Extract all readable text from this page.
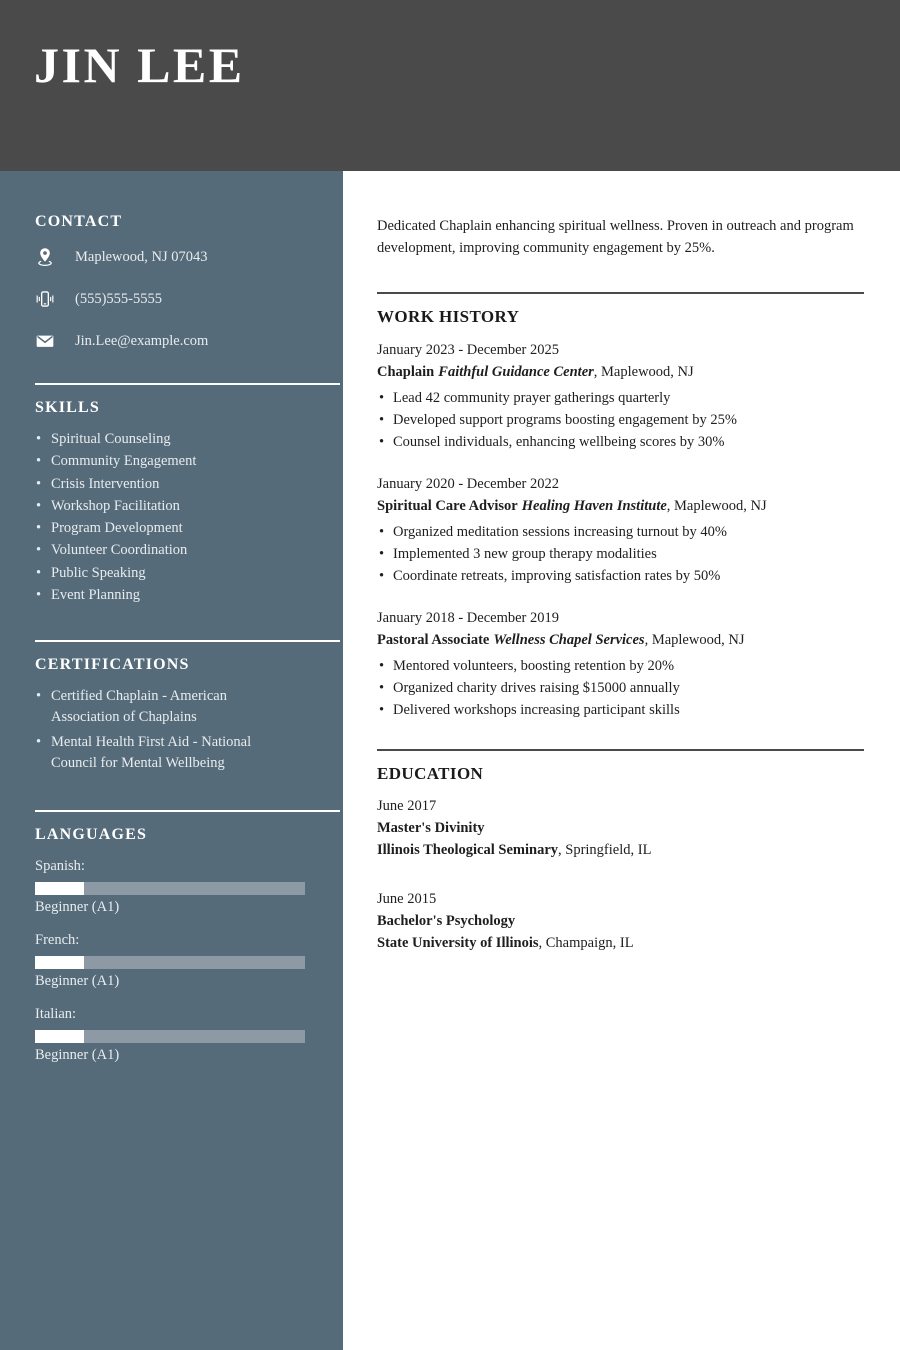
JIN LEE
CONTACT
Maplewood, NJ 07043
(555)555-5555
Jin.Lee@example.com
SKILLS
• Spiritual Counseling
• Community Engagement
• Crisis Intervention
• Workshop Facilitation
• Program Development
• Volunteer Coordination
• Public Speaking
• Event Planning
CERTIFICATIONS
• Certified Chaplain - American Association of Chaplains
• Mental Health First Aid - National Council for Mental Wellbeing
LANGUAGES
Spanish:
Beginner (A1)
French:
Beginner (A1)
Italian:
Beginner (A1)

Dedicated Chaplain enhancing spiritual wellness. Proven in outreach and program development, improving community engagement by 25%.

WORK HISTORY
January 2023 - December 2025
Chaplain Faithful Guidance Center, Maplewood, NJ
• Lead 42 community prayer gatherings quarterly
• Developed support programs boosting engagement by 25%
• Counsel individuals, enhancing wellbeing scores by 30%
January 2020 - December 2022
Spiritual Care Advisor Healing Haven Institute, Maplewood, NJ
• Organized meditation sessions increasing turnout by 40%
• Implemented 3 new group therapy modalities
• Coordinate retreats, improving satisfaction rates by 50%
January 2018 - December 2019
Pastoral Associate Wellness Chapel Services, Maplewood, NJ
• Mentored volunteers, boosting retention by 20%
• Organized charity drives raising $15000 annually
• Delivered workshops increasing participant skills
EDUCATION
June 2017
Master's Divinity
Illinois Theological Seminary, Springfield, IL
June 2015
Bachelor's Psychology
State University of Illinois, Champaign, IL
